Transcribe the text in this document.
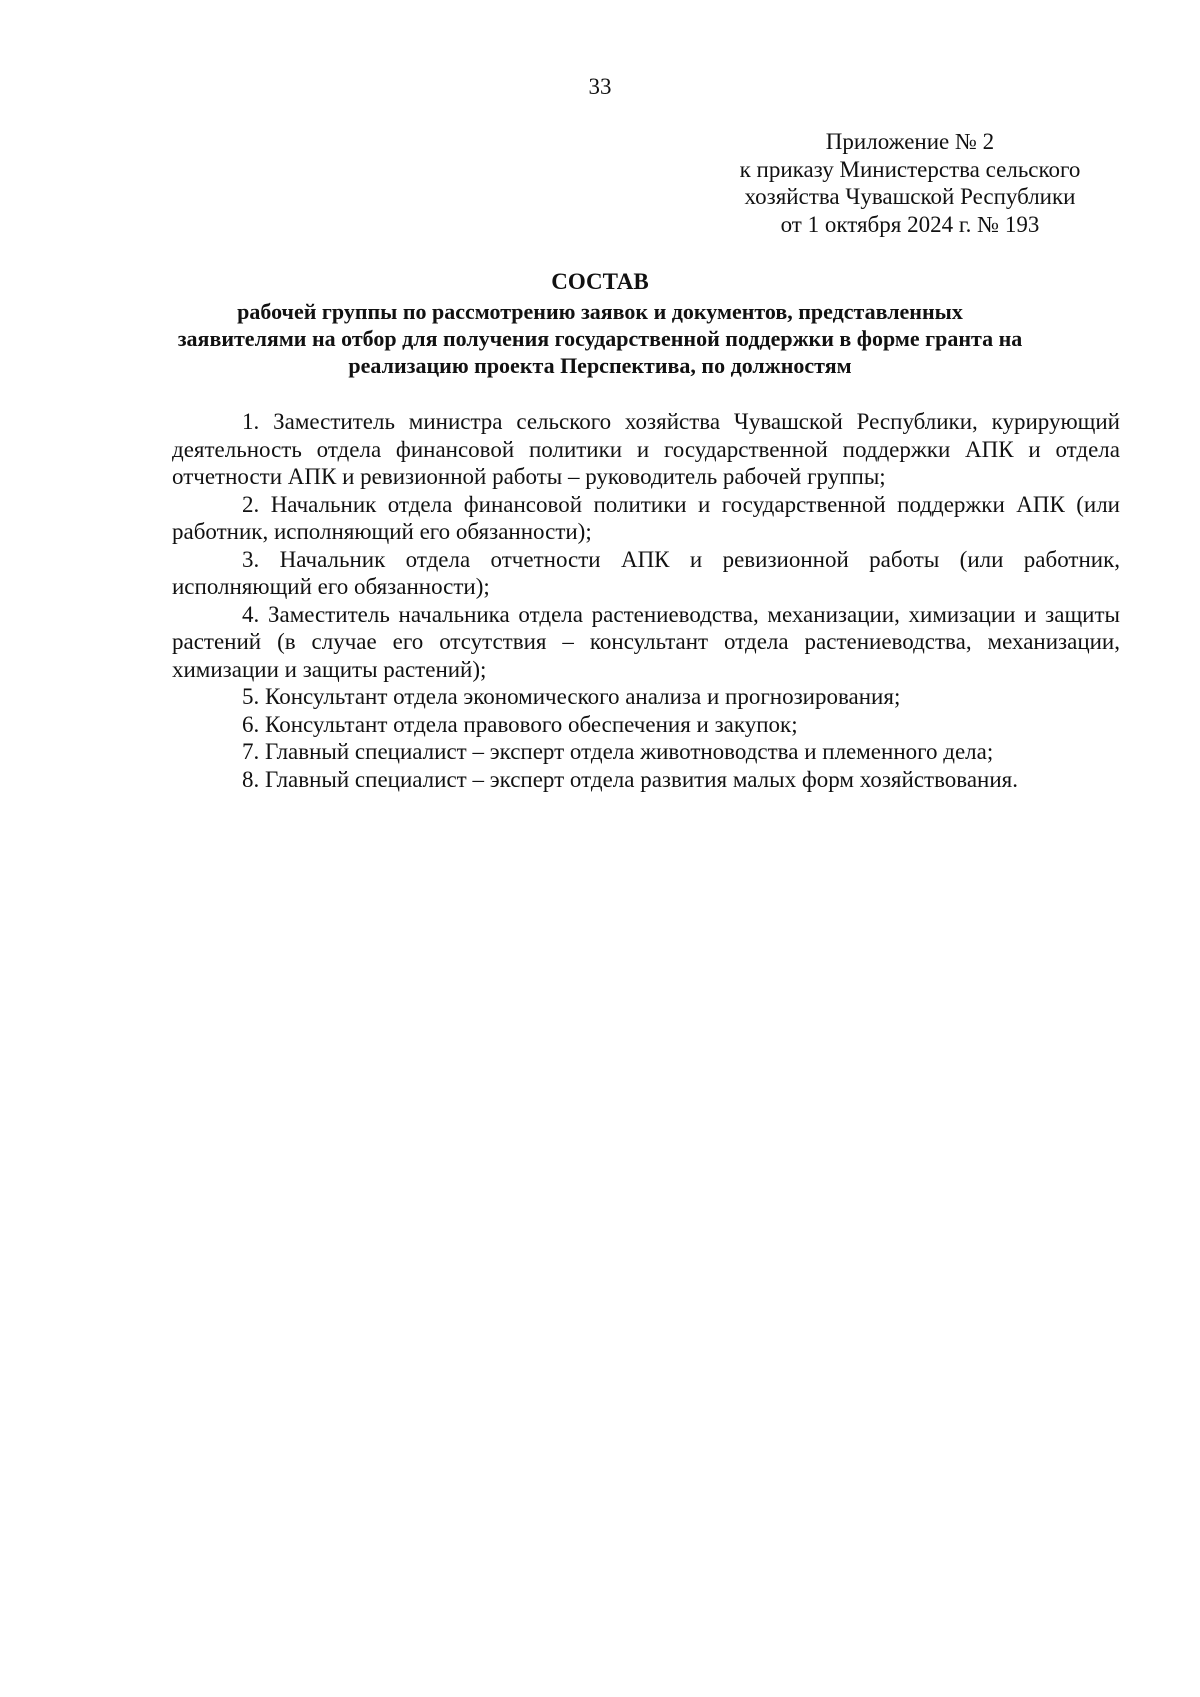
33
Приложение № 2
к приказу Министерства сельского
хозяйства Чувашской Республики
от 1 октября 2024 г. № 193
СОСТАВ
рабочей группы по рассмотрению заявок и документов, представленных
заявителями на отбор для получения государственной поддержки в форме гранта на
реализацию проекта Перспектива, по должностям
1. Заместитель министра сельского хозяйства Чувашской Республики, курирующий деятельность отдела финансовой политики и государственной поддержки АПК и отдела отчетности АПК и ревизионной работы – руководитель рабочей группы;
2. Начальник отдела финансовой политики и государственной поддержки АПК (или работник, исполняющий его обязанности);
3. Начальник отдела отчетности АПК и ревизионной работы (или работник, исполняющий его обязанности);
4. Заместитель начальника отдела растениеводства, механизации, химизации и защиты растений (в случае его отсутствия – консультант отдела растениеводства, механизации, химизации и защиты растений);
5. Консультант отдела экономического анализа и прогнозирования;
6. Консультант отдела правового обеспечения и закупок;
7. Главный специалист – эксперт отдела животноводства и племенного дела;
8. Главный специалист – эксперт отдела развития малых форм хозяйствования.
